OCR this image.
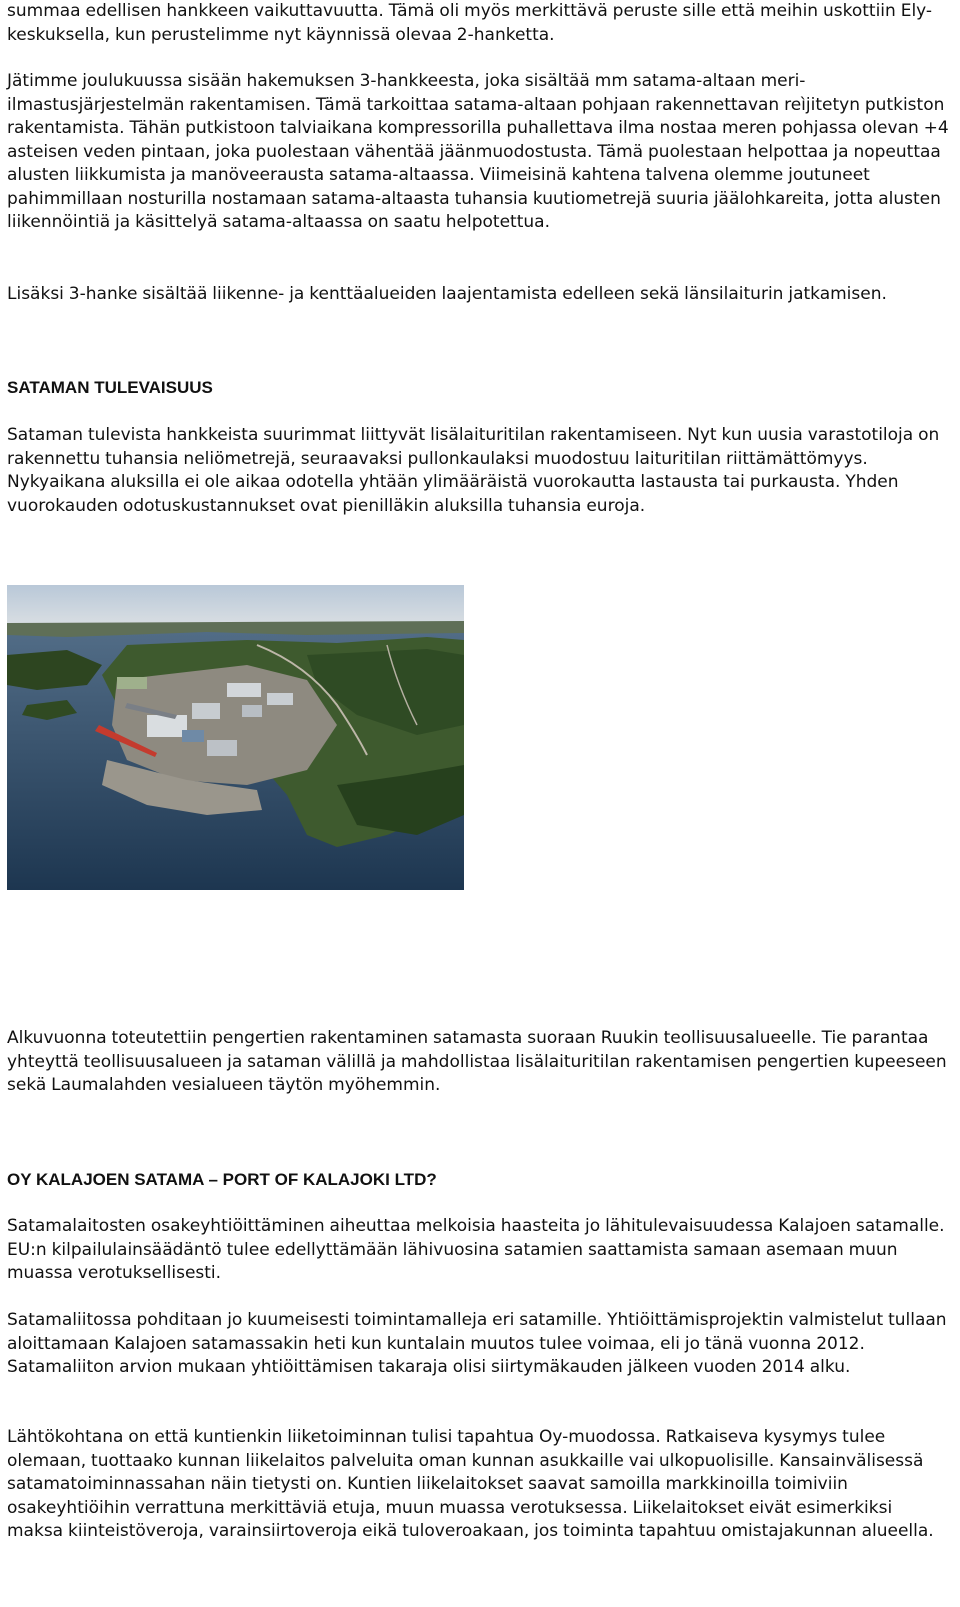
summaa edellisen hankkeen vaikuttavuutta. Tämä oli myös merkittävä peruste sille että meihin uskottiin Ely- keskuksella, kun perustelimme nyt käynnissä olevaa 2-hanketta.

Jätimme joulukuussa sisään hakemuksen 3-hankkeesta, joka sisältää mm satama-altaan meri-ilmastusjärjestelmän rakentamisen. Tämä tarkoittaa satama-altaan pohjaan rakennettavan reìjitetyn putkiston rakentamista. Tähän putkistoon talviaikana kompressorilla puhallettava ilma nostaa meren pohjassa olevan +4 asteisen veden pintaan, joka puolestaan vähentää jäänmuodostusta. Tämä puolestaan helpottaa ja nopeuttaa alusten liikkumista ja manöveerausta satama-altaassa. Viimeisinä kahtena talvena olemme joutuneet pahimmillaan nosturilla nostamaan satama-altaasta tuhansia kuutiometrejä suuria jäälohkareita, jotta alusten liikennöintiä ja käsittelyä satama-altaassa on saatu helpotettua.

Lisäksi 3-hanke sisältää liikenne- ja kenttäalueiden laajentamista edelleen sekä länsilaiturin jatkamisen.

SATAMAN TULEVAISUUS

Sataman tulevista hankkeista suurimmat liittyvät lisälaituritilan rakentamiseen. Nyt kun uusia varastotiloja on rakennettu tuhansia neliömetrejä, seuraavaksi pullonkaulaksi muodostuu laituritilan riittämättömyys. Nykyaikana aluksilla ei ole aikaa odotella yhtään ylimääräistä vuorokautta lastausta tai purkausta. Yhden vuorokauden odotuskustannukset ovat pienilläkin aluksilla tuhansia euroja.

Alkuvuonna toteutettiin pengertien rakentaminen satamasta suoraan Ruukin teollisuusalueelle. Tie parantaa yhteyttä teollisuusalueen ja sataman välillä ja mahdollistaa lisälaituritilan rakentamisen pengertien kupeeseen sekä Laumalahden vesialueen täytön myöhemmin.

OY KALAJOEN SATAMA – PORT OF KALAJOKI LTD?

Satamalaitosten osakeyhtiöittäminen aiheuttaa melkoisia haasteita jo lähitulevaisuudessa Kalajoen satamalle. EU:n kilpailulainsäädäntö tulee edellyttämään lähivuosina satamien saattamista samaan asemaan muun muassa verotuksellisesti.

Satamaliitossa pohditaan jo kuumeisesti toimintamalleja eri satamille. Yhtiöittämisprojektin valmistelut tullaan aloittamaan Kalajoen satamassakin heti kun kuntalain muutos tulee voimaa, eli jo tänä vuonna 2012. Satamaliiton arvion mukaan yhtiöittämisen takaraja olisi siirtymäkauden jälkeen vuoden 2014 alku.

Lähtökohtana on että kuntienkin liiketoiminnan tulisi tapahtua Oy-muodossa. Ratkaiseva kysymys tulee olemaan, tuottaako kunnan liikelaitos palveluita oman kunnan asukkaille vai ulkopuolisille. Kansainvälisessä satamatoiminnassahan näin tietysti on. Kuntien liikelaitokset saavat samoilla markkinoilla toimiviin osakeyhtiöihin verrattuna merkittäviä etuja, muun muassa verotuksessa. Liikelaitokset eivät esimerkiksi maksa kiinteistöveroja, varainsiirtoveroja eikä tuloveroakaan, jos toiminta tapahtuu omistajakunnan alueella.
